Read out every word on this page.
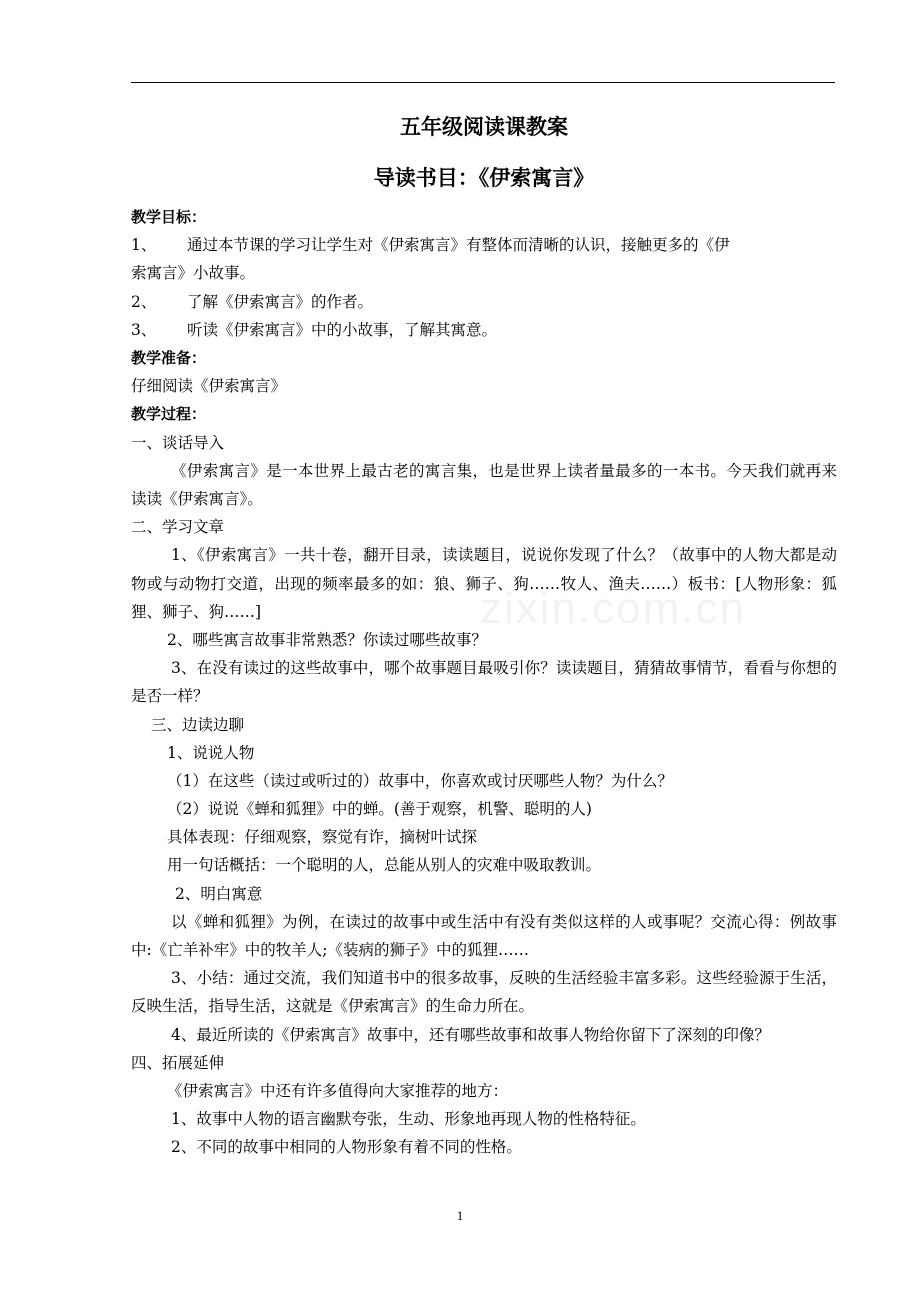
zixin.com.cn
五年级阅读课教案
导读书目：《伊索寓言》
教学目标：
1、 通过本节课的学习让学生对《伊索寓言》有整体而清晰的认识，接触更多的《伊
索寓言》小故事。
2、 了解《伊索寓言》的作者。
3、 听读《伊索寓言》中的小故事，了解其寓意。
教学准备：
仔细阅读《伊索寓言》
教学过程：
一、谈话导入
《伊索寓言》是一本世界上最古老的寓言集，也是世界上读者量最多的一本书。今天我们就再来读读《伊索寓言》。
二、学习文章
1、《伊索寓言》一共十卷，翻开目录，读读题目，说说你发现了什么？（故事中的人物大都是动物或与动物打交道，出现的频率最多的如：狼、狮子、狗……牧人、渔夫……）板书：[人物形象：狐狸、狮子、狗……]
2、哪些寓言故事非常熟悉？你读过哪些故事？
3、在没有读过的这些故事中，哪个故事题目最吸引你？读读题目，猜猜故事情节，看看与你想的是否一样？
三、边读边聊
1、说说人物
（1）在这些（读过或听过的）故事中，你喜欢或讨厌哪些人物？为什么？
（2）说说《蝉和狐狸》中的蝉。(善于观察，机警、聪明的人)
具体表现：仔细观察，察觉有诈，摘树叶试探
用一句话概括：一个聪明的人，总能从别人的灾难中吸取教训。
2、明白寓意
以《蝉和狐狸》为例，在读过的故事中或生活中有没有类似这样的人或事呢？交流心得：例故事中:《亡羊补牢》中的牧羊人;《装病的狮子》中的狐狸……
3、小结：通过交流，我们知道书中的很多故事，反映的生活经验丰富多彩。这些经验源于生活，反映生活，指导生活，这就是《伊索寓言》的生命力所在。
4、最近所读的《伊索寓言》故事中，还有哪些故事和故事人物给你留下了深刻的印像？
四、拓展延伸
《伊索寓言》中还有许多值得向大家推荐的地方：
1、故事中人物的语言幽默夸张，生动、形象地再现人物的性格特征。
2、不同的故事中相同的人物形象有着不同的性格。
1
